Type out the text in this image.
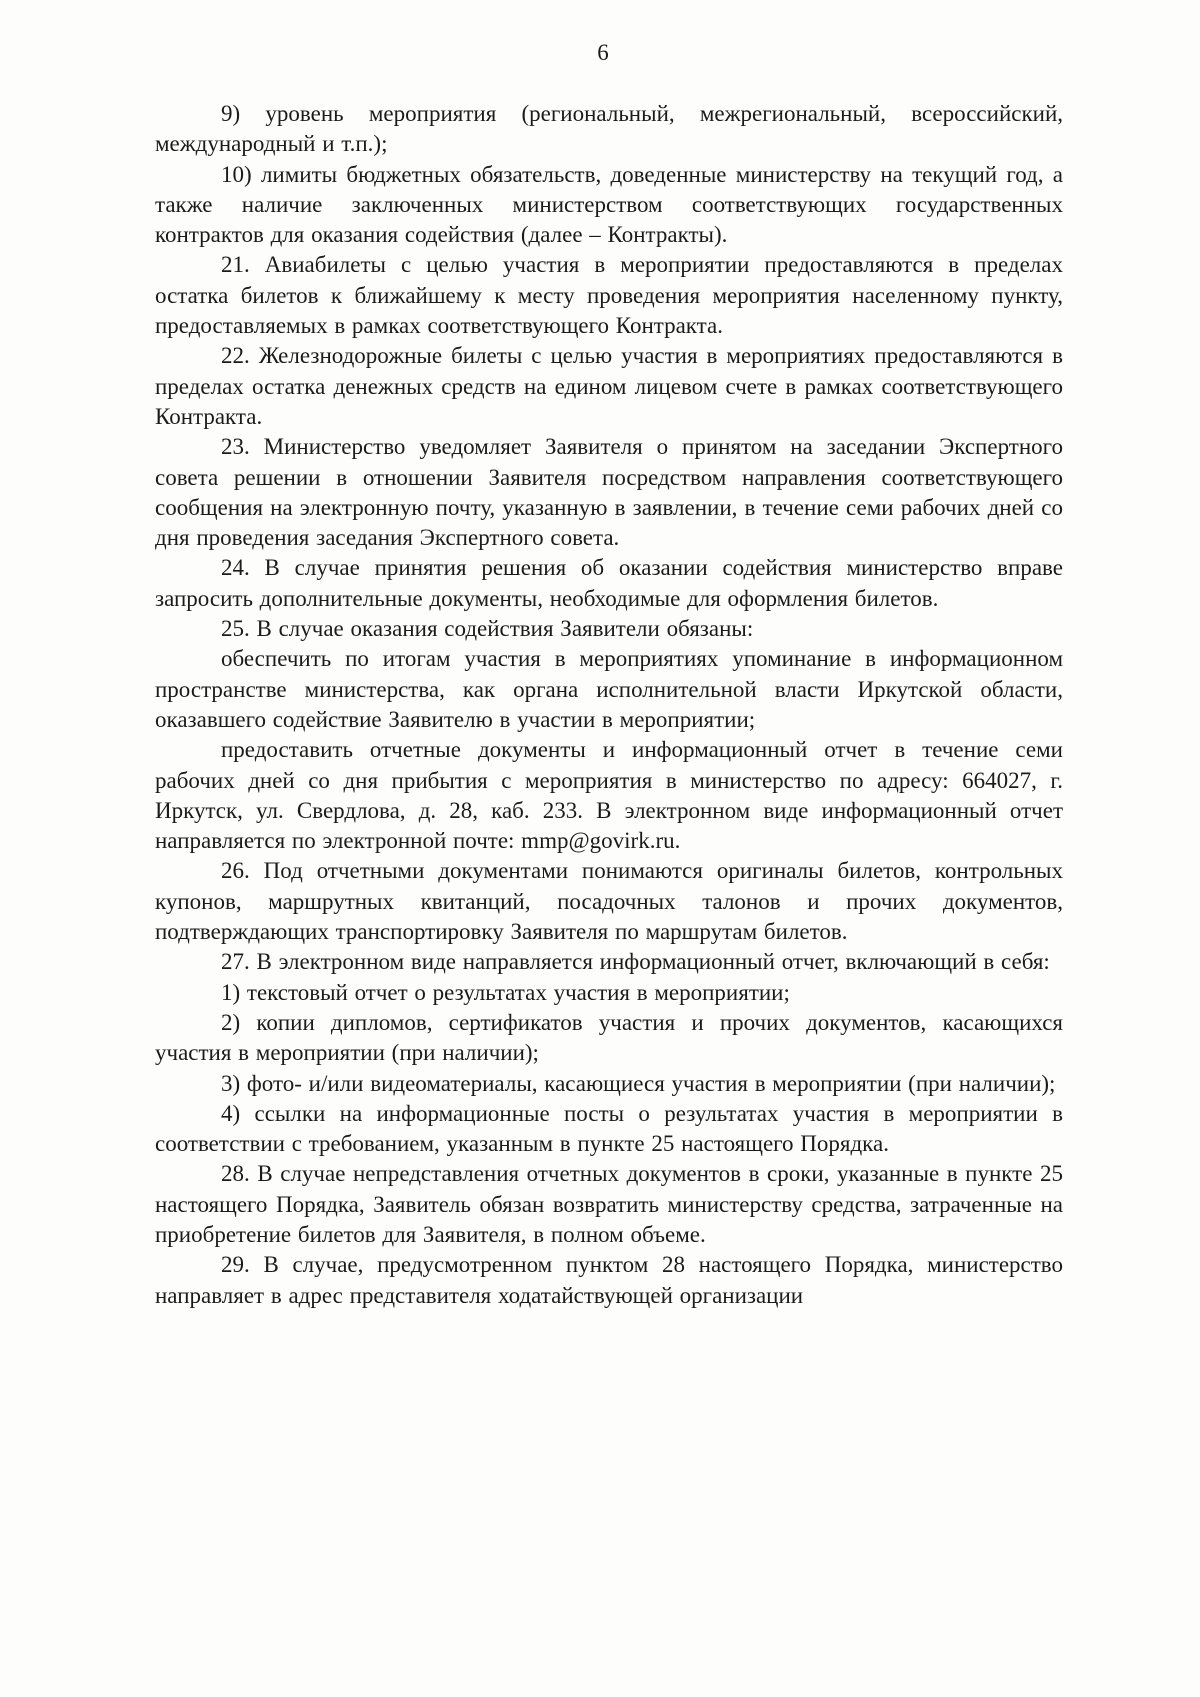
6

9) уровень мероприятия (региональный, межрегиональный, всероссийский, международный и т.п.);

10) лимиты бюджетных обязательств, доведенные министерству на текущий год, а также наличие заключенных министерством соответствующих государственных контрактов для оказания содействия (далее – Контракты).

21. Авиабилеты с целью участия в мероприятии предоставляются в пределах остатка билетов к ближайшему к месту проведения мероприятия населенному пункту, предоставляемых в рамках соответствующего Контракта.

22. Железнодорожные билеты с целью участия в мероприятиях предоставляются в пределах остатка денежных средств на едином лицевом счете в рамках соответствующего Контракта.

23. Министерство уведомляет Заявителя о принятом на заседании Экспертного совета решении в отношении Заявителя посредством направления соответствующего сообщения на электронную почту, указанную в заявлении, в течение семи рабочих дней со дня проведения заседания Экспертного совета.

24. В случае принятия решения об оказании содействия министерство вправе запросить дополнительные документы, необходимые для оформления билетов.

25. В случае оказания содействия Заявители обязаны:

обеспечить по итогам участия в мероприятиях упоминание в информационном пространстве министерства, как органа исполнительной власти Иркутской области, оказавшего содействие Заявителю в участии в мероприятии;

предоставить отчетные документы и информационный отчет в течение семи рабочих дней со дня прибытия с мероприятия в министерство по адресу: 664027, г. Иркутск, ул. Свердлова, д. 28, каб. 233. В электронном виде информационный отчет направляется по электронной почте: mmp@govirk.ru.

26. Под отчетными документами понимаются оригиналы билетов, контрольных купонов, маршрутных квитанций, посадочных талонов и прочих документов, подтверждающих транспортировку Заявителя по маршрутам билетов.

27. В электронном виде направляется информационный отчет, включающий в себя:

1) текстовый отчет о результатах участия в мероприятии;

2) копии дипломов, сертификатов участия и прочих документов, касающихся участия в мероприятии (при наличии);

3) фото- и/или видеоматериалы, касающиеся участия в мероприятии (при наличии);

4) ссылки на информационные посты о результатах участия в мероприятии в соответствии с требованием, указанным в пункте 25 настоящего Порядка.

28. В случае непредставления отчетных документов в сроки, указанные в пункте 25 настоящего Порядка, Заявитель обязан возвратить министерству средства, затраченные на приобретение билетов для Заявителя, в полном объеме.

29. В случае, предусмотренном пунктом 28 настоящего Порядка, министерство направляет в адрес представителя ходатайствующей организации
